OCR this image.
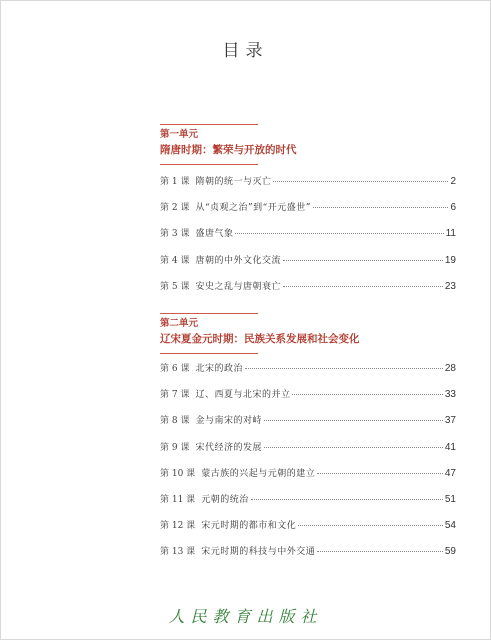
目录
第一单元
隋唐时期：繁荣与开放的时代
第 1 课 隋朝的统一与灭亡	2
第 2 课 从“贞观之治”到“开元盛世”	6
第 3 课 盛唐气象	11
第 4 课 唐朝的中外文化交流	19
第 5 课 安史之乱与唐朝衰亡	23
第二单元
辽宋夏金元时期：民族关系发展和社会变化
第 6 课 北宋的政治	28
第 7 课 辽、西夏与北宋的并立	33
第 8 课 金与南宋的对峙	37
第 9 课 宋代经济的发展	41
第 10 课 蒙古族的兴起与元朝的建立	47
第 11 课 元朝的统治	51
第 12 课 宋元时期的都市和文化	54
第 13 课 宋元时期的科技与中外交通	59
人民教育出版社
